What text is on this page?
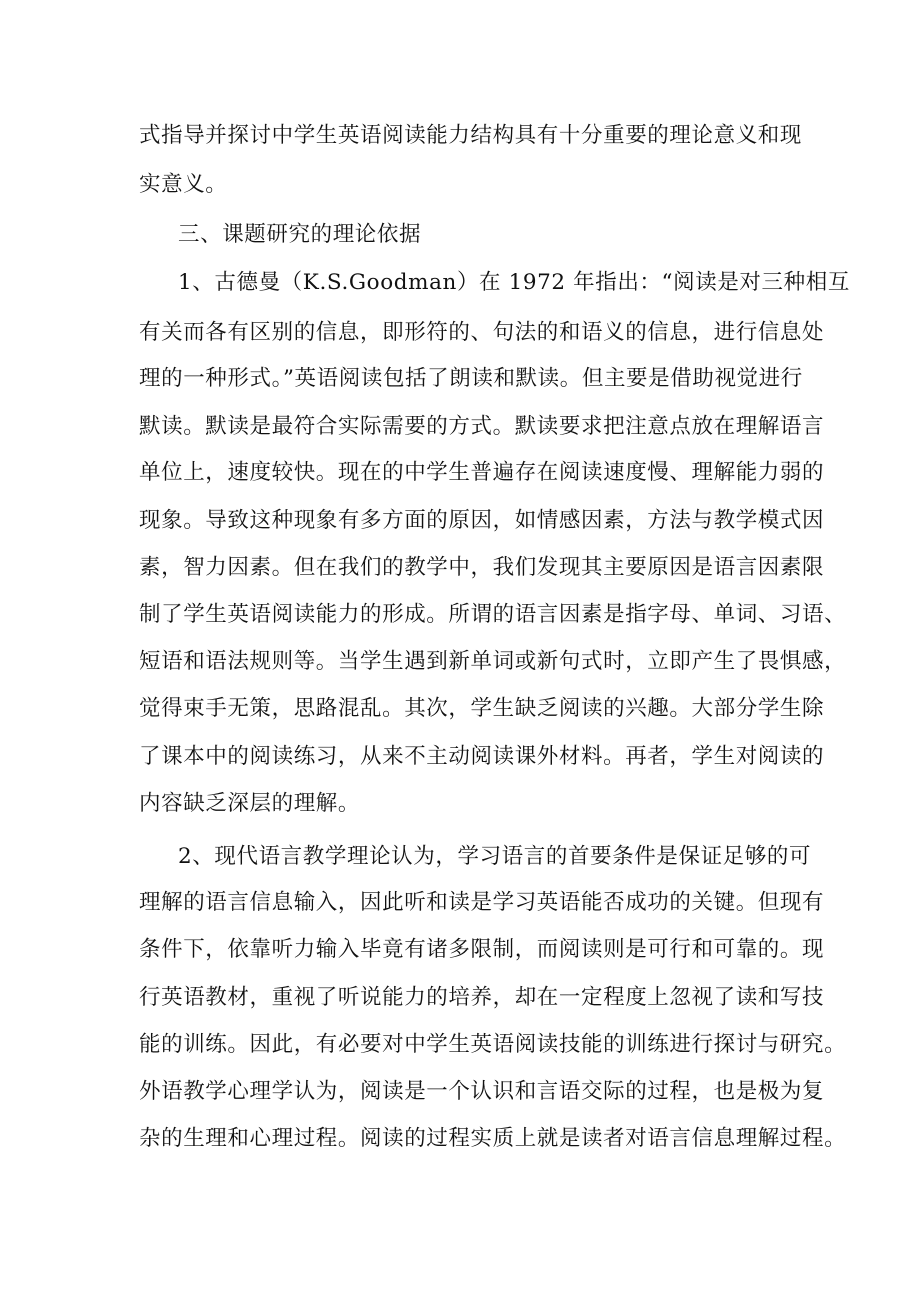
式指导并探讨中学生英语阅读能力结构具有十分重要的理论意义和现
实意义。
三、课题研究的理论依据
1、古德曼（K.S.Goodman）在 1972 年指出：“阅读是对三种相互
有关而各有区别的信息，即形符的、句法的和语义的信息，进行信息处
理的一种形式。”英语阅读包括了朗读和默读。但主要是借助视觉进行
默读。默读是最符合实际需要的方式。默读要求把注意点放在理解语言
单位上，速度较快。现在的中学生普遍存在阅读速度慢、理解能力弱的
现象。导致这种现象有多方面的原因，如情感因素，方法与教学模式因
素，智力因素。但在我们的教学中，我们发现其主要原因是语言因素限
制了学生英语阅读能力的形成。所谓的语言因素是指字母、单词、习语、
短语和语法规则等。当学生遇到新单词或新句式时，立即产生了畏惧感，
觉得束手无策，思路混乱。其次，学生缺乏阅读的兴趣。大部分学生除
了课本中的阅读练习，从来不主动阅读课外材料。再者，学生对阅读的
内容缺乏深层的理解。
2、现代语言教学理论认为，学习语言的首要条件是保证足够的可
理解的语言信息输入，因此听和读是学习英语能否成功的关键。但现有
条件下，依靠听力输入毕竟有诸多限制，而阅读则是可行和可靠的。现
行英语教材，重视了听说能力的培养，却在一定程度上忽视了读和写技
能的训练。因此，有必要对中学生英语阅读技能的训练进行探讨与研究。
外语教学心理学认为，阅读是一个认识和言语交际的过程，也是极为复
杂的生理和心理过程。阅读的过程实质上就是读者对语言信息理解过程。
